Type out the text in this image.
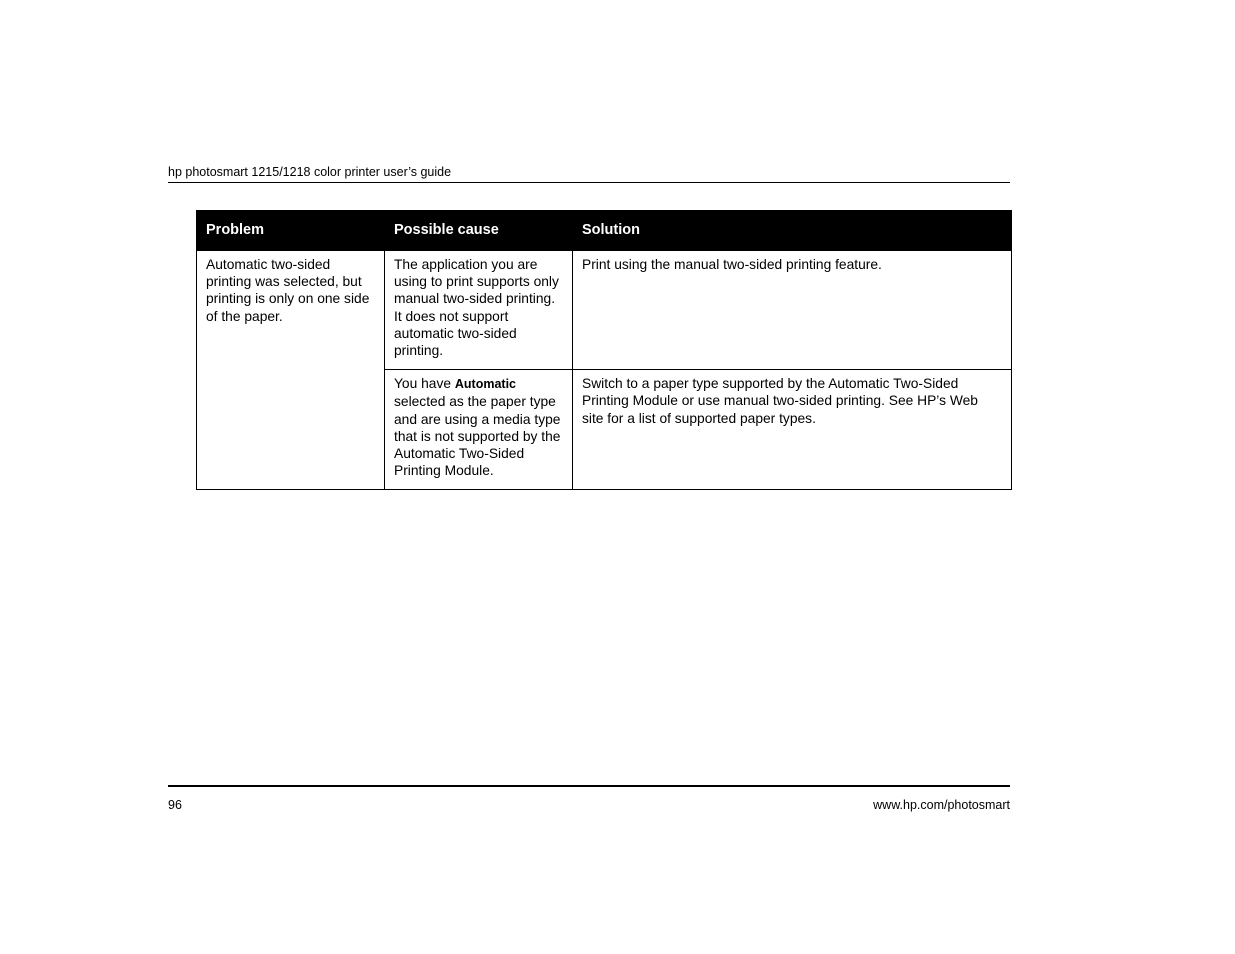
hp photosmart 1215/1218 color printer user’s guide
Problem	Possible cause	Solution
Automatic two-sided printing was selected, but printing is only on one side of the paper.	The application you are using to print supports only manual two-sided printing. It does not support automatic two-sided printing.	Print using the manual two-sided printing feature.
	You have Automatic selected as the paper type and are using a media type that is not supported by the Automatic Two-Sided Printing Module.	Switch to a paper type supported by the Automatic Two-Sided Printing Module or use manual two-sided printing. See HP’s Web site for a list of supported paper types.
96	www.hp.com/photosmart
